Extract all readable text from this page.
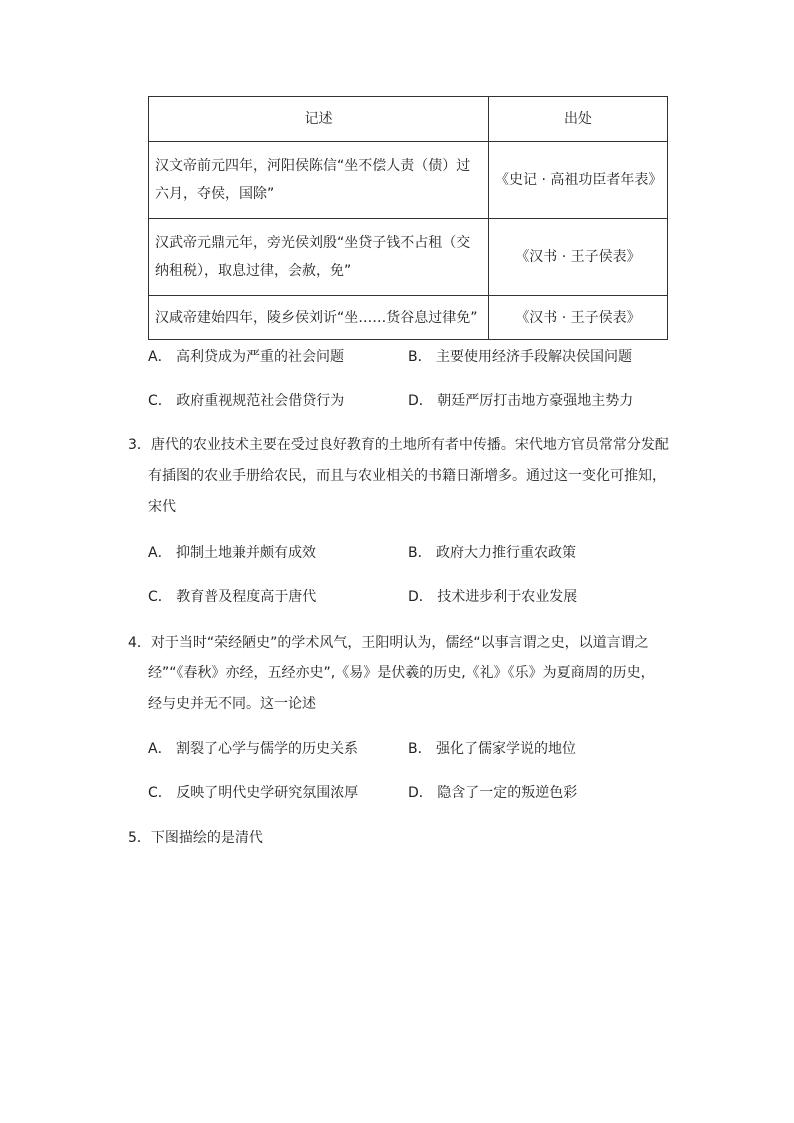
记述	出处
汉文帝前元四年，河阳侯陈信“坐不偿人责（债）过六月，夺侯，国除”	《史记 · 高祖功臣者年表》
汉武帝元鼎元年，旁光侯刘殷“坐贷子钱不占租（交纳租税），取息过律，会赦，免”	《汉书 · 王子侯表》
汉咸帝建始四年，陵乡侯刘䜣“坐……货谷息过律免”	《汉书 · 王子侯表》
A． 高利贷成为严重的社会问题	B． 主要使用经济手段解决侯国问题
C． 政府重视规范社会借贷行为	D． 朝廷严厉打击地方豪强地主势力
3．唐代的农业技术主要在受过良好教育的土地所有者中传播。宋代地方官员常常分发配
有插图的农业手册给农民，而且与农业相关的书籍日渐增多。通过这一变化可推知，
宋代
A． 抑制土地兼并颇有成效	B． 政府大力推行重农政策
C． 教育普及程度高于唐代	D． 技术进步利于农业发展
4．对于当时“荣经陋史”的学术风气，王阳明认为，儒经“以事言谓之史，以道言谓之
经”“《春秋》亦经，五经亦史”,《易》是伏羲的历史,《礼》《乐》为夏商周的历史，
经与史并无不同。这一论述
A． 割裂了心学与儒学的历史关系	B． 强化了儒家学说的地位
C． 反映了明代史学研究氛围浓厚	D． 隐含了一定的叛逆色彩
5．下图描绘的是清代
